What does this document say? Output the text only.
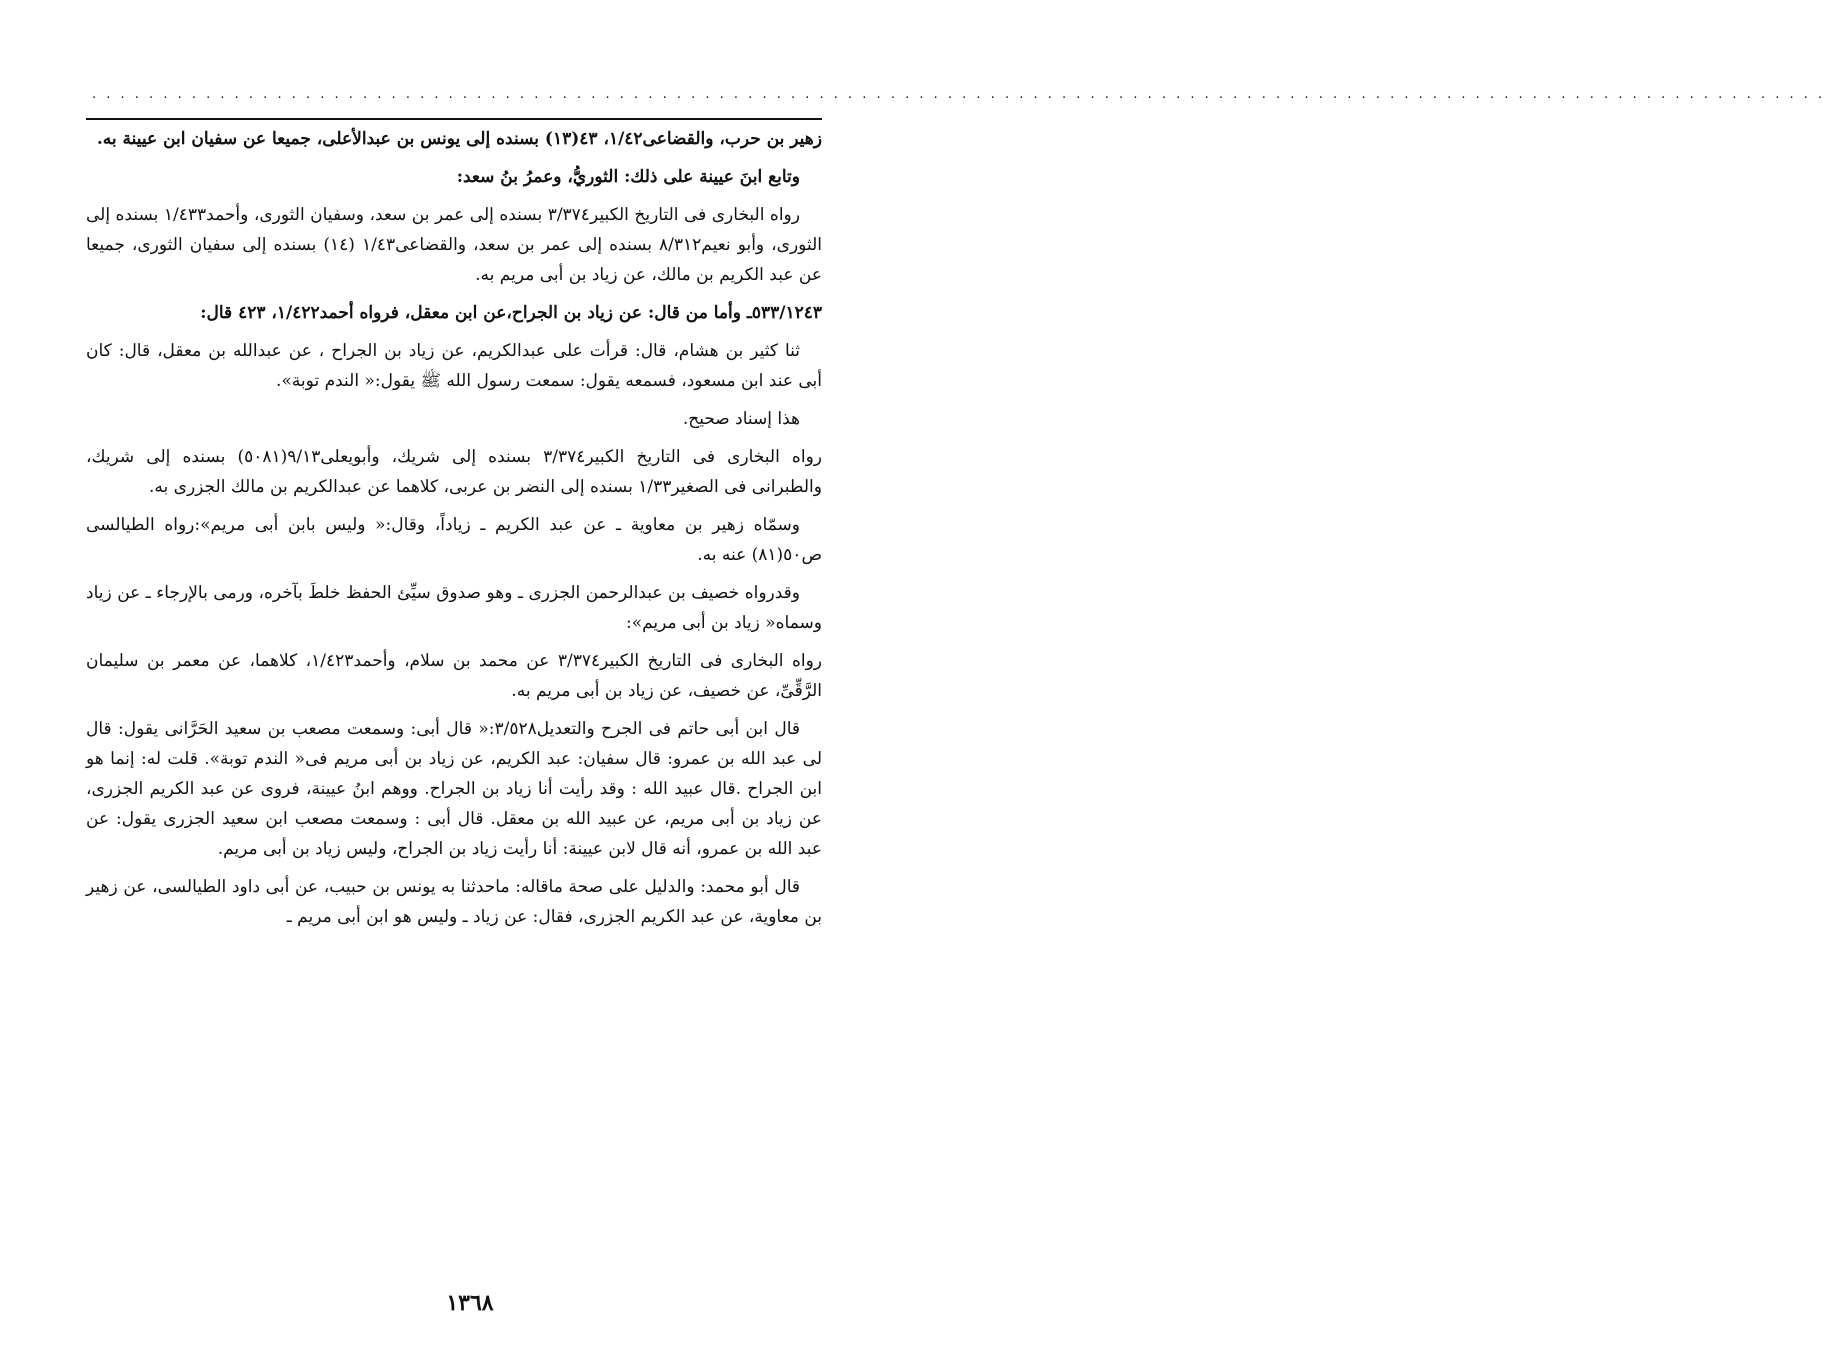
. . . . . . . . . . . . . . . . . . . . . . . . . . . . . . . . . . . . . . . . . . . . . . . . . . . . . . . . . . . . . . . . . . . . . . . . . . . . . . . . . . . . . . . . . . . . . . . . . . . . . . . . . . . . . . . . . . . . . . . . . .

زهير بن حرب، والقضاعى١/٤٢، ٤٣(١٣) بسنده إلى يونس بن عبدالأعلى، جميعا عن سفيان ابن عيينة به.

وتابع ابنَ عيينة على ذلك: الثوريُّ، وعمرُ بنُ سعد:

رواه البخارى فى التاريخ الكبير٣/٣٧٤ بسنده إلى عمر بن سعد، وسفيان الثورى، وأحمد١/٤٣٣ بسنده إلى الثورى، وأبو نعيم٨/٣١٢ بسنده إلى عمر بن سعد، والقضاعى١/٤٣ (١٤) بسنده إلى سفيان الثورى، جميعا عن عبد الكريم بن مالك، عن زياد بن أبى مريم به.

٥٣٣/١٢٤٣ـ وأما من قال: عن زياد بن الجراح،عن ابن معقل، فرواه أحمد١/٤٢٢، ٤٢٣ قال:

ثنا كثير بن هشام، قال: قرأت على عبدالكريم، عن زياد بن الجراح ، عن عبدالله بن معقل، قال: كان أبى عند ابن مسعود، فسمعه يقول: سمعت رسول الله ﷺ يقول:« الندم توبة».

هذا إسناد صحيح.

رواه البخارى فى التاريخ الكبير٣/٣٧٤ بسنده إلى شريك، وأبويعلى٩/١٣(٥٠٨١) بسنده إلى شريك، والطبرانى فى الصغير١/٣٣ بسنده إلى النضر بن عربى، كلاهما عن عبدالكريم بن مالك الجزرى به.

وسمّاه زهير بن معاوية ـ عن عبد الكريم ـ زياداً، وقال:« وليس بابن أبى مريم»:رواه الطيالسى ص٥٠(٨١) عنه به.

وقدرواه خصيف بن عبدالرحمن الجزرى ـ وهو صدوق سيِّئ الحفظ خلطَ بآخره، ورمى بالإرجاء ـ عن زياد وسماه« زياد بن أبى مريم»:

رواه البخارى فى التاريخ الكبير٣/٣٧٤ عن محمد بن سلام، وأحمد١/٤٢٣، كلاهما، عن معمر بن سليمان الرَّقِّىِّ، عن خصيف، عن زياد بن أبى مريم به.

قال ابن أبى حاتم فى الجرح والتعديل٣/٥٢٨:« قال أبى: وسمعت مصعب بن سعيد الحَرَّانى يقول: قال لى عبد الله بن عمرو: قال سفيان: عبد الكريم، عن زياد بن أبى مريم فى« الندم توبة». قلت له: إنما هو ابن الجراح .قال عبيد الله : وقد رأيت أنا زياد بن الجراح. ووهم ابنُ عيينة، فروى عن عبد الكريم الجزرى، عن زياد بن أبى مريم، عن عبيد الله بن معقل. قال أبى : وسمعت مصعب ابن سعيد الجزرى يقول: عن عبد الله بن عمرو، أنه قال لابن عيينة: أنا رأيت زياد بن الجراح، وليس زياد بن أبى مريم.

قال أبو محمد: والدليل على صحة ماقاله: ماحدثنا به يونس بن حبيب، عن أبى داود الطيالسى، عن زهير بن معاوية، عن عبد الكريم الجزرى، فقال: عن زياد ـ وليس هو ابن أبى مريم ـ

١٣٦٨
